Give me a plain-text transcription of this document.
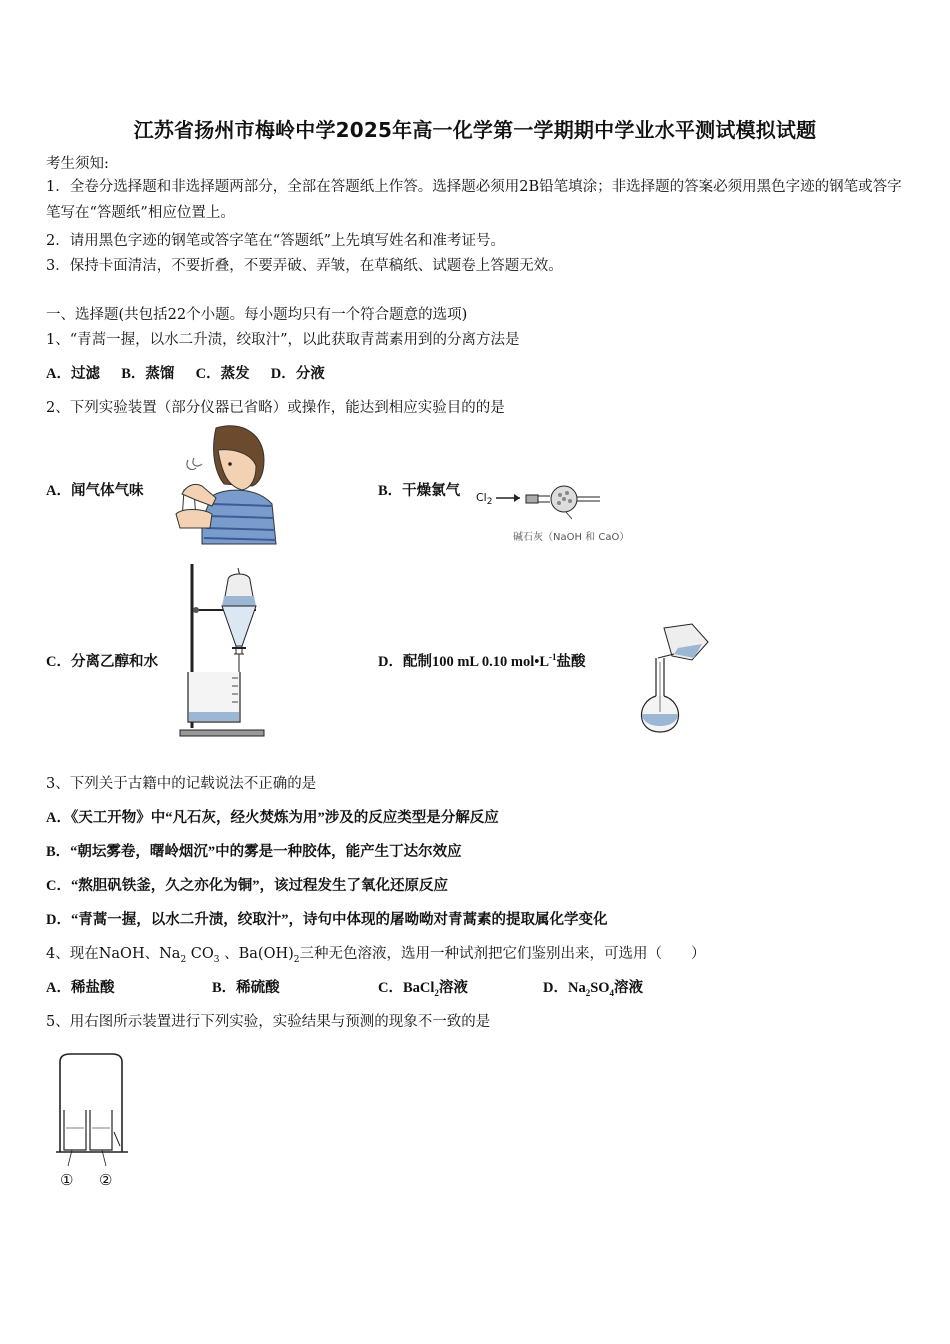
江苏省扬州市梅岭中学2025年高一化学第一学期期中学业水平测试模拟试题
考生须知:
1．全卷分选择题和非选择题两部分，全部在答题纸上作答。选择题必须用2B铅笔填涂；非选择题的答案必须用黑色字迹的钢笔或答字笔写在“答题纸”相应位置上。
2．请用黑色字迹的钢笔或答字笔在“答题纸”上先填写姓名和准考证号。
3．保持卡面清洁，不要折叠，不要弄破、弄皱，在草稿纸、试题卷上答题无效。
一、选择题(共包括22个小题。每小题均只有一个符合题意的选项)
1、“青蒿一握，以水二升渍，绞取汁”，以此获取青蒿素用到的分离方法是
A．过滤 B．蒸馏 C．蒸发 D．分液
2、下列实验装置（部分仪器已省略）或操作，能达到相应实验目的的是
A．闻气体气味	B．干燥氯气 $Cl_2$
碱石灰（NaOH 和 CaO）
C．分离乙醇和水	D．配制100 mL 0.10 $mol•L^{-1}$盐酸
3、下列关于古籍中的记载说法不正确的是
A．《天工开物》中“凡石灰，经火焚炼为用”涉及的反应类型是分解反应
B．“朝坛雾卷，曙岭烟沉”中的雾是一种胶体，能产生丁达尔效应
C．“熬胆矾铁釜，久之亦化为铜”，该过程发生了氧化还原反应
D．“青蒿一握，以水二升渍，绞取汁”，诗句中体现的屠呦呦对青蒿素的提取属化学变化
4、现在NaOH、$Na_2$ $CO_3$ 、$Ba(OH)_2$三种无色溶液，选用一种试剂把它们鉴别出来，可选用（　　）
A．稀盐酸	B．稀硫酸	C．BaCl$_2$溶液	D．$Na_2SO_4$溶液
5、用右图所示装置进行下列实验，实验结果与预测的现象不一致的是
① ②
